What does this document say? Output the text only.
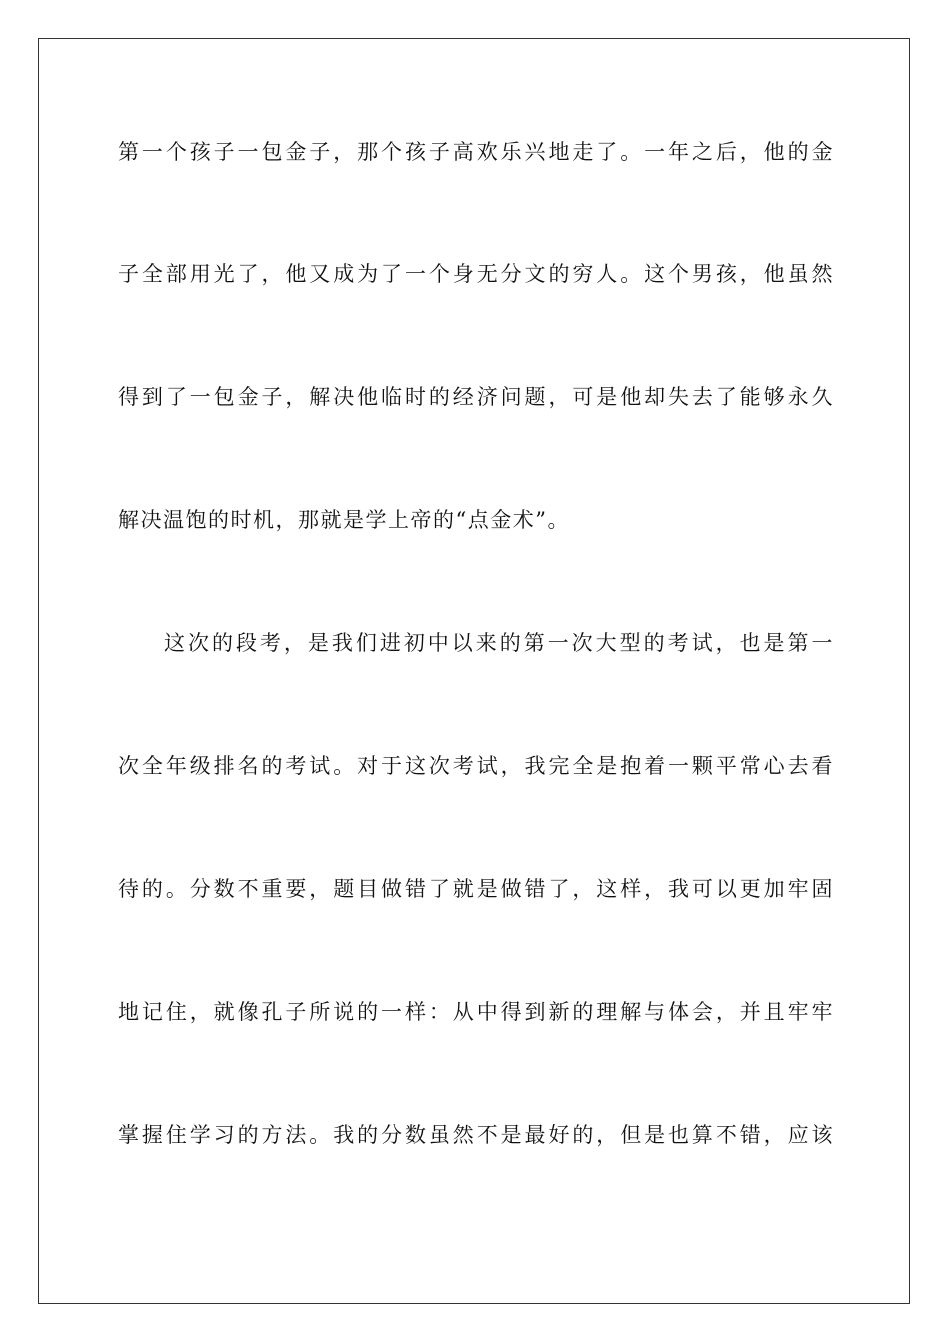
第一个孩子一包金子，那个孩子高欢乐兴地走了。一年之后，他的金
子全部用光了，他又成为了一个身无分文的穷人。这个男孩，他虽然
得到了一包金子，解决他临时的经济问题，可是他却失去了能够永久
解决温饱的时机，那就是学上帝的“点金术”。
这次的段考，是我们进初中以来的第一次大型的考试，也是第一
次全年级排名的考试。对于这次考试，我完全是抱着一颗平常心去看
待的。分数不重要，题目做错了就是做错了，这样，我可以更加牢固
地记住，就像孔子所说的一样：从中得到新的理解与体会，并且牢牢
掌握住学习的方法。我的分数虽然不是最好的，但是也算不错，应该
